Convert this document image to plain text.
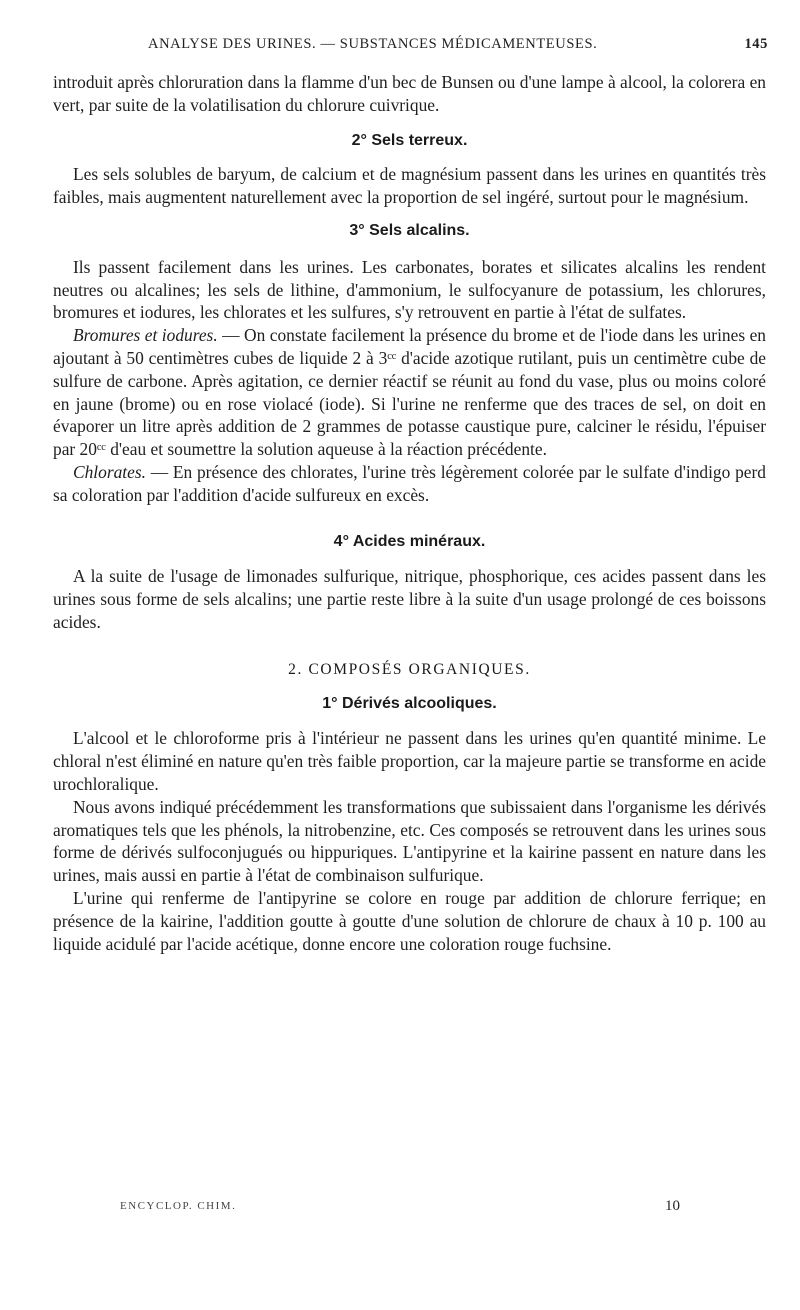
ANALYSE DES URINES. — SUBSTANCES MÉDICAMENTEUSES.	145

introduit après chloruration dans la flamme d'un bec de Bunsen ou d'une lampe à alcool, la colorera en vert, par suite de la volatilisation du chlorure cuivrique.

2° Sels terreux.

Les sels solubles de baryum, de calcium et de magnésium passent dans les urines en quantités très faibles, mais augmentent naturellement avec la proportion de sel ingéré, surtout pour le magnésium.

3° Sels alcalins.

Ils passent facilement dans les urines. Les carbonates, borates et silicates alcalins les rendent neutres ou alcalines; les sels de lithine, d'ammonium, le sulfocyanure de potassium, les chlorures, bromures et iodures, les chlorates et les sulfures, s'y retrouvent en partie à l'état de sulfates.

Bromures et iodures. — On constate facilement la présence du brome et de l'iode dans les urines en ajoutant à 50 centimètres cubes de liquide 2 à 3ᶜᶜ d'acide azotique rutilant, puis un centimètre cube de sulfure de carbone. Après agitation, ce dernier réactif se réunit au fond du vase, plus ou moins coloré en jaune (brome) ou en rose violacé (iode). Si l'urine ne renferme que des traces de sel, on doit en évaporer un litre après addition de 2 grammes de potasse caustique pure, calciner le résidu, l'épuiser par 20ᶜᶜ d'eau et soumettre la solution aqueuse à la réaction précédente.

Chlorates. — En présence des chlorates, l'urine très légèrement colorée par le sulfate d'indigo perd sa coloration par l'addition d'acide sulfureux en excès.

4° Acides minéraux.

A la suite de l'usage de limonades sulfurique, nitrique, phosphorique, ces acides passent dans les urines sous forme de sels alcalins; une partie reste libre à la suite d'un usage prolongé de ces boissons acides.

2. COMPOSÉS ORGANIQUES.
1° Dérivés alcooliques.

L'alcool et le chloroforme pris à l'intérieur ne passent dans les urines qu'en quantité minime. Le chloral n'est éliminé en nature qu'en très faible proportion, car la majeure partie se transforme en acide urochloralique.

Nous avons indiqué précédemment les transformations que subissaient dans l'organisme les dérivés aromatiques tels que les phénols, la nitrobenzine, etc. Ces composés se retrouvent dans les urines sous forme de dérivés sulfoconjugués ou hippuriques. L'antipyrine et la kairine passent en nature dans les urines, mais aussi en partie à l'état de combinaison sulfurique.

L'urine qui renferme de l'antipyrine se colore en rouge par addition de chlorure ferrique; en présence de la kairine, l'addition goutte à goutte d'une solution de chlorure de chaux à 10 p. 100 au liquide acidulé par l'acide acétique, donne encore une coloration rouge fuchsine.

ENCYCLOP. CHIM.	10
